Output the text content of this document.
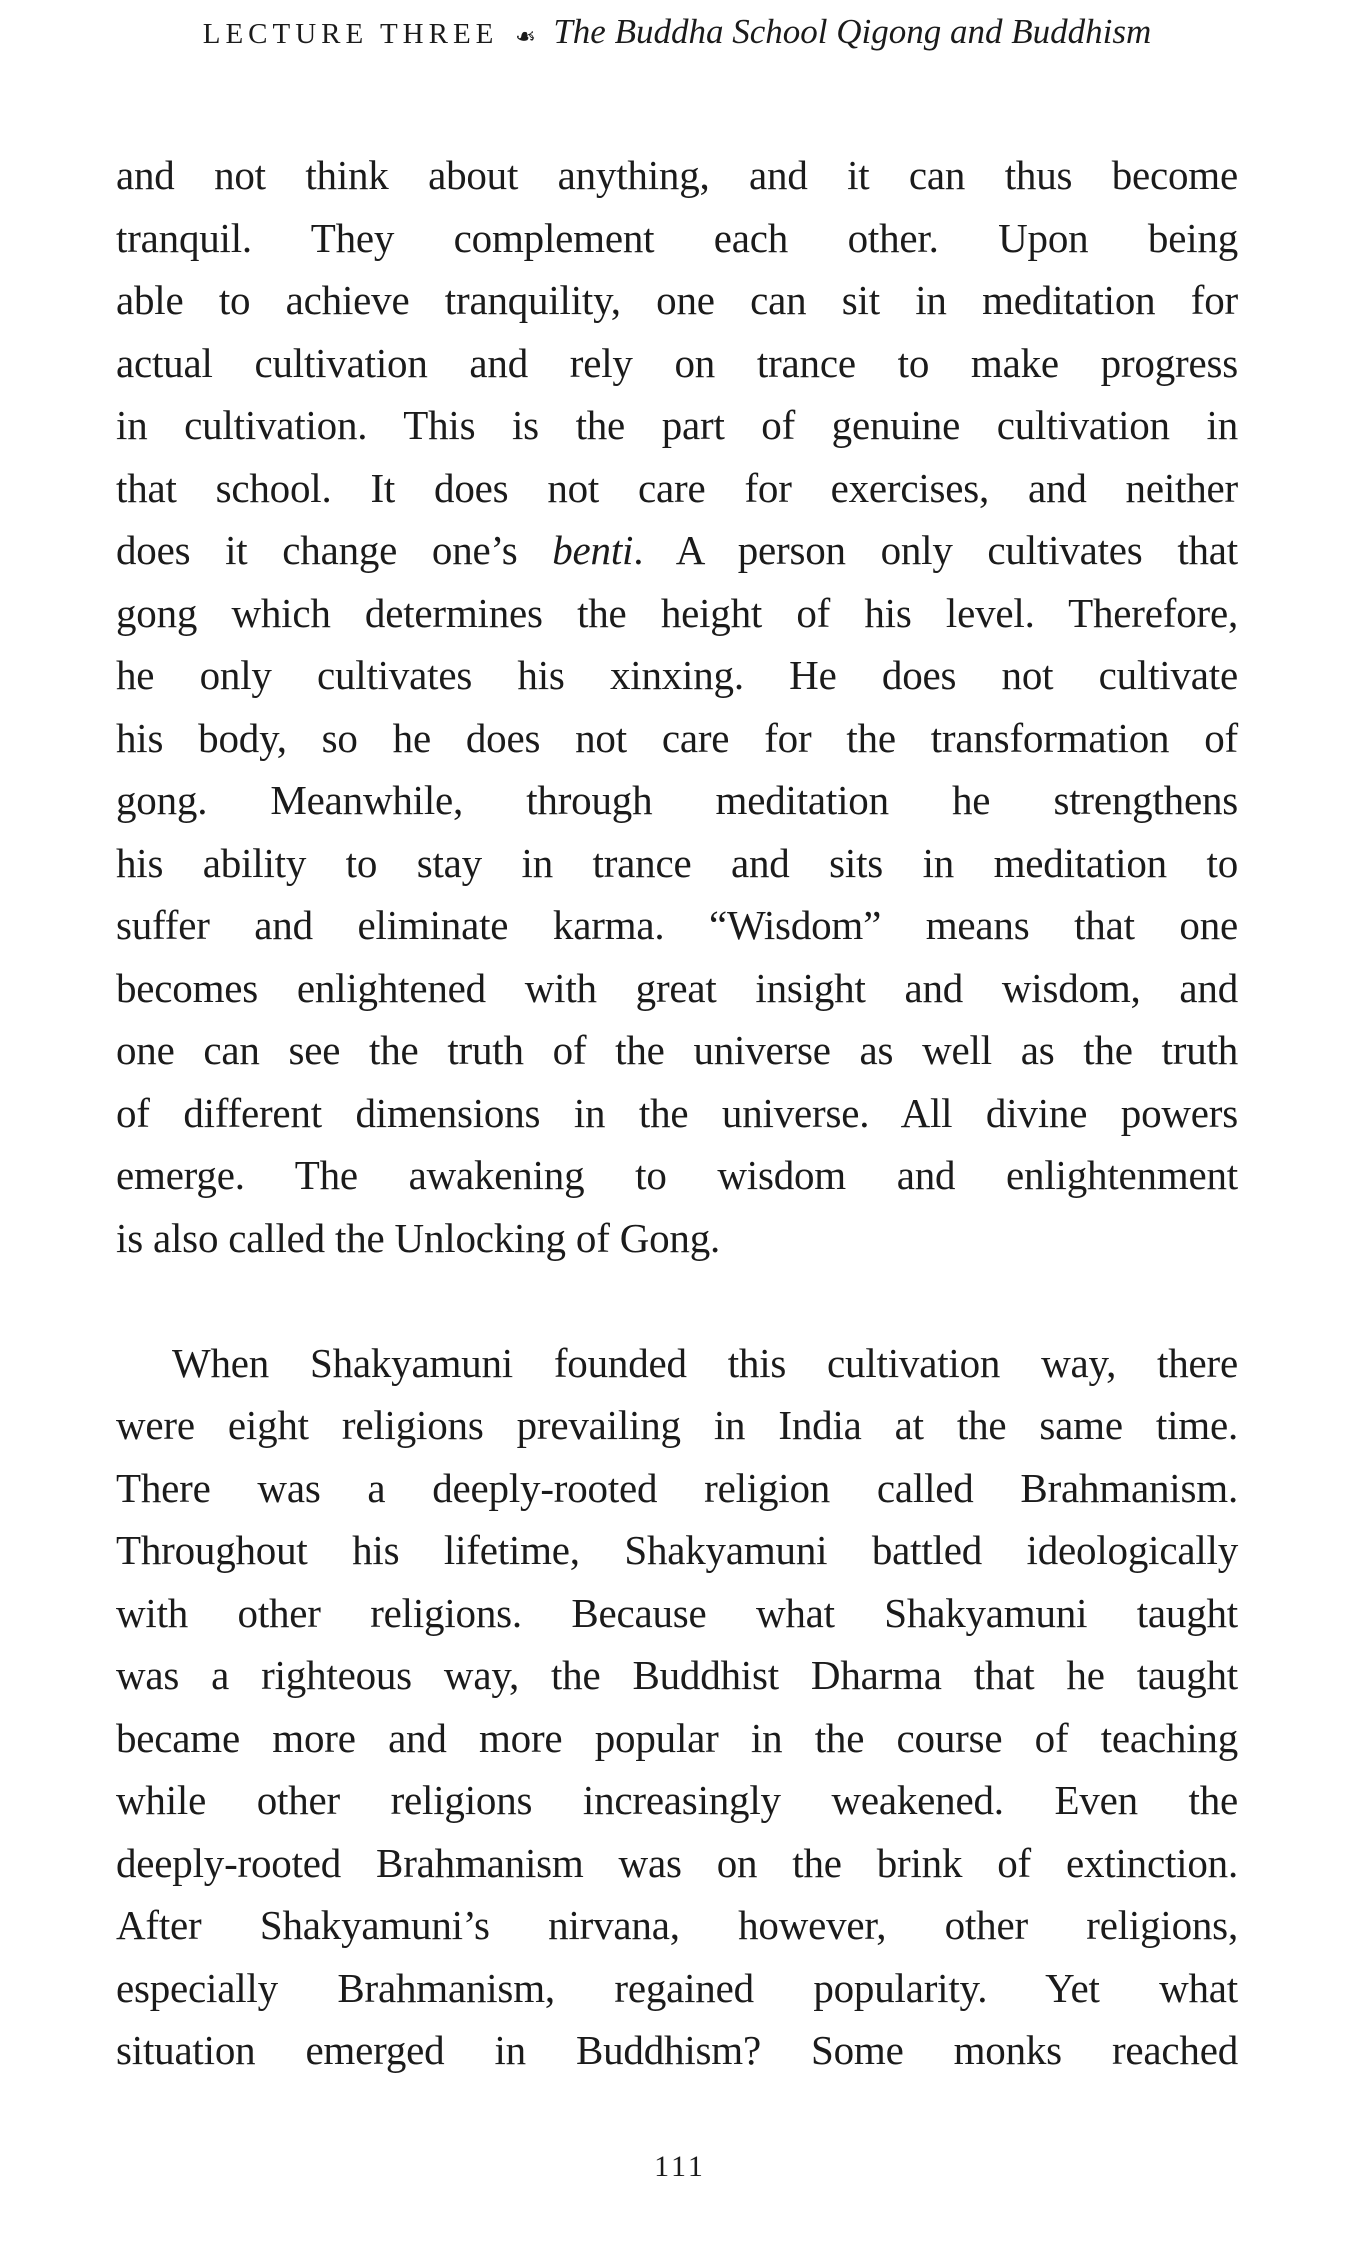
LECTURE THREE ❧ The Buddha School Qigong and Buddhism
and not think about anything, and it can thus become
tranquil. They complement each other. Upon being
able to achieve tranquility, one can sit in meditation for
actual cultivation and rely on trance to make progress
in cultivation. This is the part of genuine cultivation in
that school. It does not care for exercises, and neither
does it change one’s benti. A person only cultivates that
gong which determines the height of his level. Therefore,
he only cultivates his xinxing. He does not cultivate
his body, so he does not care for the transformation of
gong. Meanwhile, through meditation he strengthens
his ability to stay in trance and sits in meditation to
suffer and eliminate karma. “Wisdom” means that one
becomes enlightened with great insight and wisdom, and
one can see the truth of the universe as well as the truth
of different dimensions in the universe. All divine powers
emerge. The awakening to wisdom and enlightenment
is also called the Unlocking of Gong.
When Shakyamuni founded this cultivation way, there
were eight religions prevailing in India at the same time.
There was a deeply-rooted religion called Brahmanism.
Throughout his lifetime, Shakyamuni battled ideologically
with other religions. Because what Shakyamuni taught
was a righteous way, the Buddhist Dharma that he taught
became more and more popular in the course of teaching
while other religions increasingly weakened. Even the
deeply-rooted Brahmanism was on the brink of extinction.
After Shakyamuni’s nirvana, however, other religions,
especially Brahmanism, regained popularity. Yet what
situation emerged in Buddhism? Some monks reached
111
